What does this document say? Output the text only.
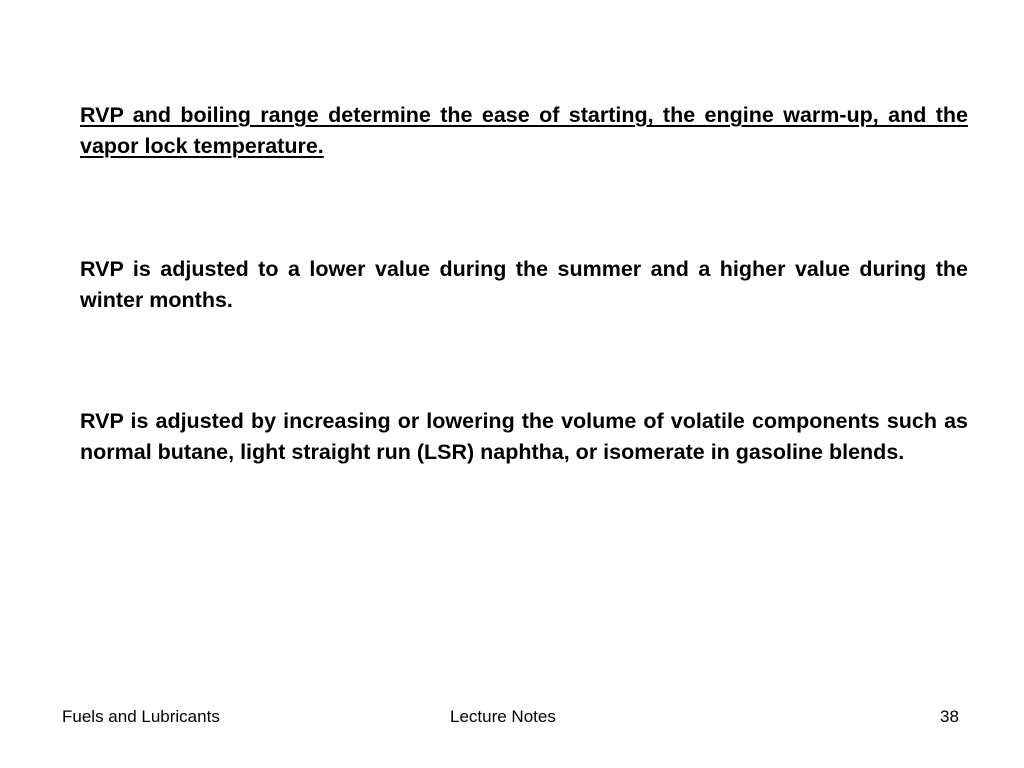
RVP and boiling range determine the ease of starting, the engine warm-up, and the vapor lock temperature.

RVP is adjusted to a lower value during the summer and a higher value during the winter months.

RVP is adjusted by increasing or lowering the volume of volatile components such as normal butane, light straight run (LSR) naphtha, or isomerate in gasoline blends.

Fuels and Lubricants	Lecture Notes	38
